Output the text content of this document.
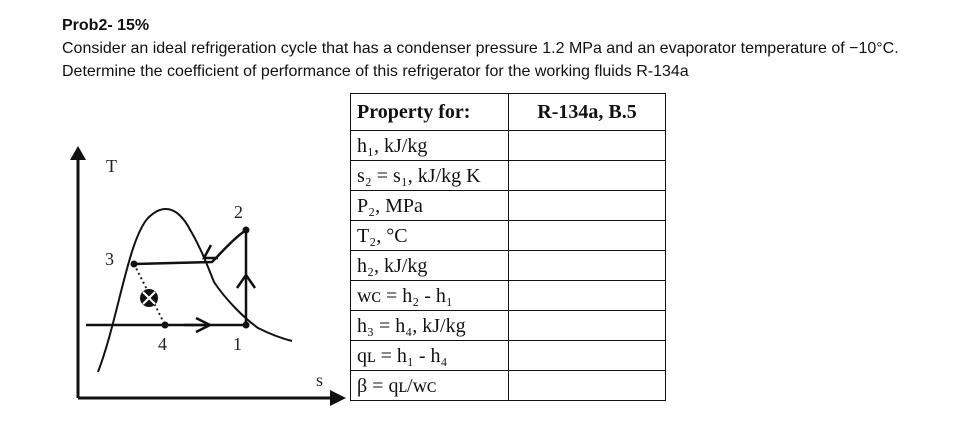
Prob2- 15%
Consider an ideal refrigeration cycle that has a condenser pressure 1.2 MPa and an evaporator temperature of −10°C.
Determine the coefficient of performance of this refrigerator for the working fluids R-134a
T
s
1
2
3
4
Property for:	R-134a, B.5
h₁, kJ/kg	
s₂ = s₁, kJ/kg K	
P₂, MPa	
T₂, °C	
h₂, kJ/kg	
wᴄ = h₂ - h₁	
h₃ = h₄, kJ/kg	
qʟ = h₁ - h₄	
β = qʟ/wᴄ	
